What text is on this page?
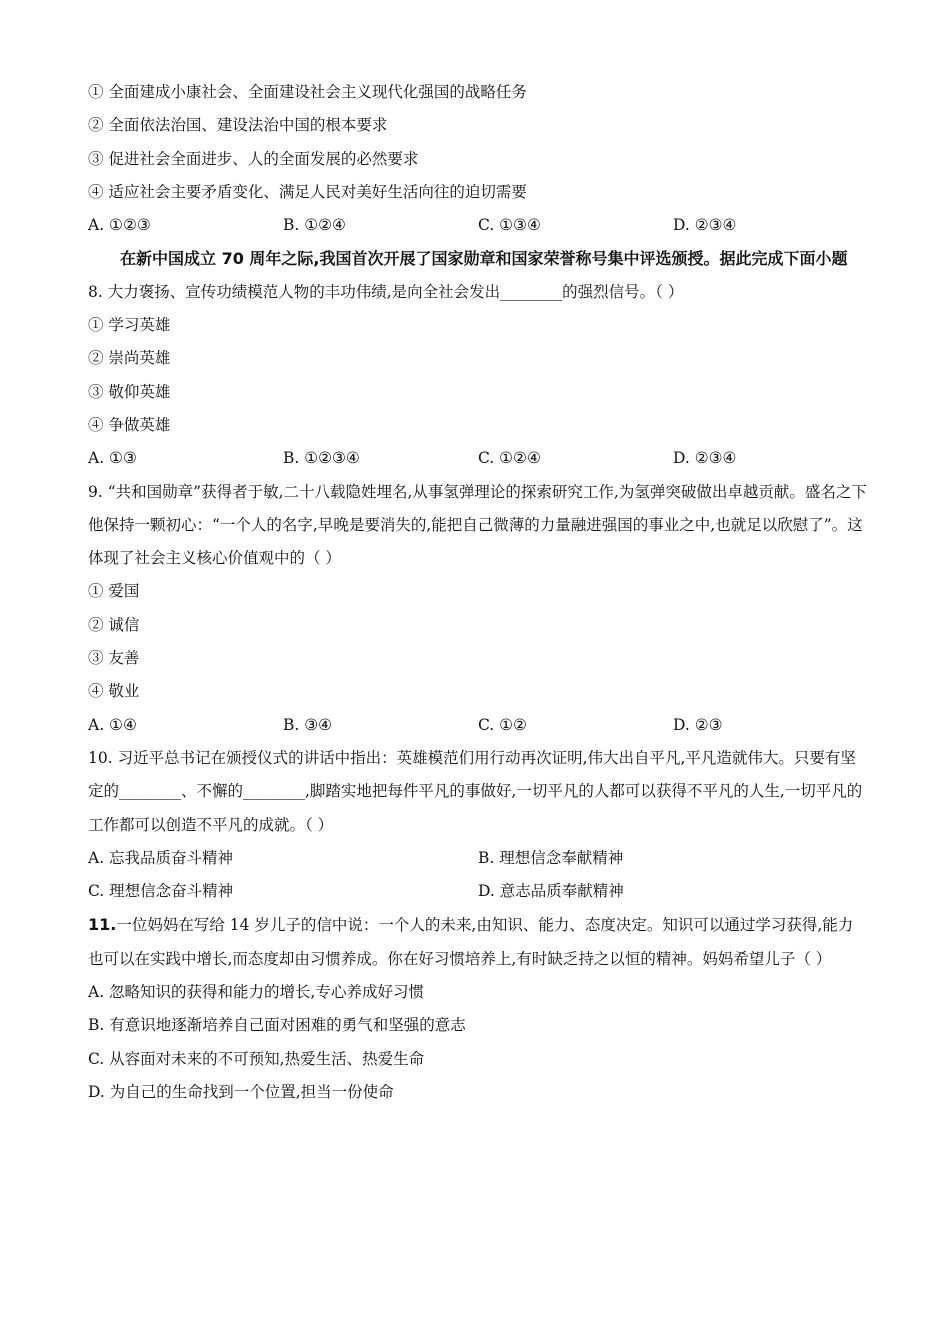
① 全面建成小康社会、全面建设社会主义现代化强国的战略任务
② 全面依法治国、建设法治中国的根本要求
③ 促进社会全面进步、人的全面发展的必然要求
④ 适应社会主要矛盾变化、满足人民对美好生活向往的迫切需要
A. ①②③	B. ①②④	C. ①③④	D. ②③④
在新中国成立 70 周年之际,我国首次开展了国家勋章和国家荣誉称号集中评选颁授。据此完成下面小题
8. 大力褒扬、宣传功绩模范人物的丰功伟绩,是向全社会发出________的强烈信号。（ ）
① 学习英雄
② 崇尚英雄
③ 敬仰英雄
④ 争做英雄
A. ①③	B. ①②③④	C. ①②④	D. ②③④
9. “共和国勋章”获得者于敏,二十八载隐姓埋名,从事氢弹理论的探索研究工作,为氢弹突破做出卓越贡献。盛名之下他保持一颗初心：“一个人的名字,早晚是要消失的,能把自己微薄的力量融进强国的事业之中,也就足以欣慰了”。这体现了社会主义核心价值观中的（ ）
① 爱国
② 诚信
③ 友善
④ 敬业
A. ①④	B. ③④	C. ①②	D. ②③
10. 习近平总书记在颁授仪式的讲话中指出：英雄模范们用行动再次证明,伟大出自平凡,平凡造就伟大。只要有坚定的________、不懈的________,脚踏实地把每件平凡的事做好,一切平凡的人都可以获得不平凡的人生,一切平凡的工作都可以创造不平凡的成就。（ ）
A. 忘我品质奋斗精神	B. 理想信念奉献精神
C. 理想信念奋斗精神	D. 意志品质奉献精神
11.一位妈妈在写给 14 岁儿子的信中说：一个人的未来,由知识、能力、态度决定。知识可以通过学习获得,能力也可以在实践中增长,而态度却由习惯养成。你在好习惯培养上,有时缺乏持之以恒的精神。妈妈希望儿子（ ）
A. 忽略知识的获得和能力的增长,专心养成好习惯
B. 有意识地逐渐培养自己面对困难的勇气和坚强的意志
C. 从容面对未来的不可预知,热爱生活、热爱生命
D. 为自己的生命找到一个位置,担当一份使命
